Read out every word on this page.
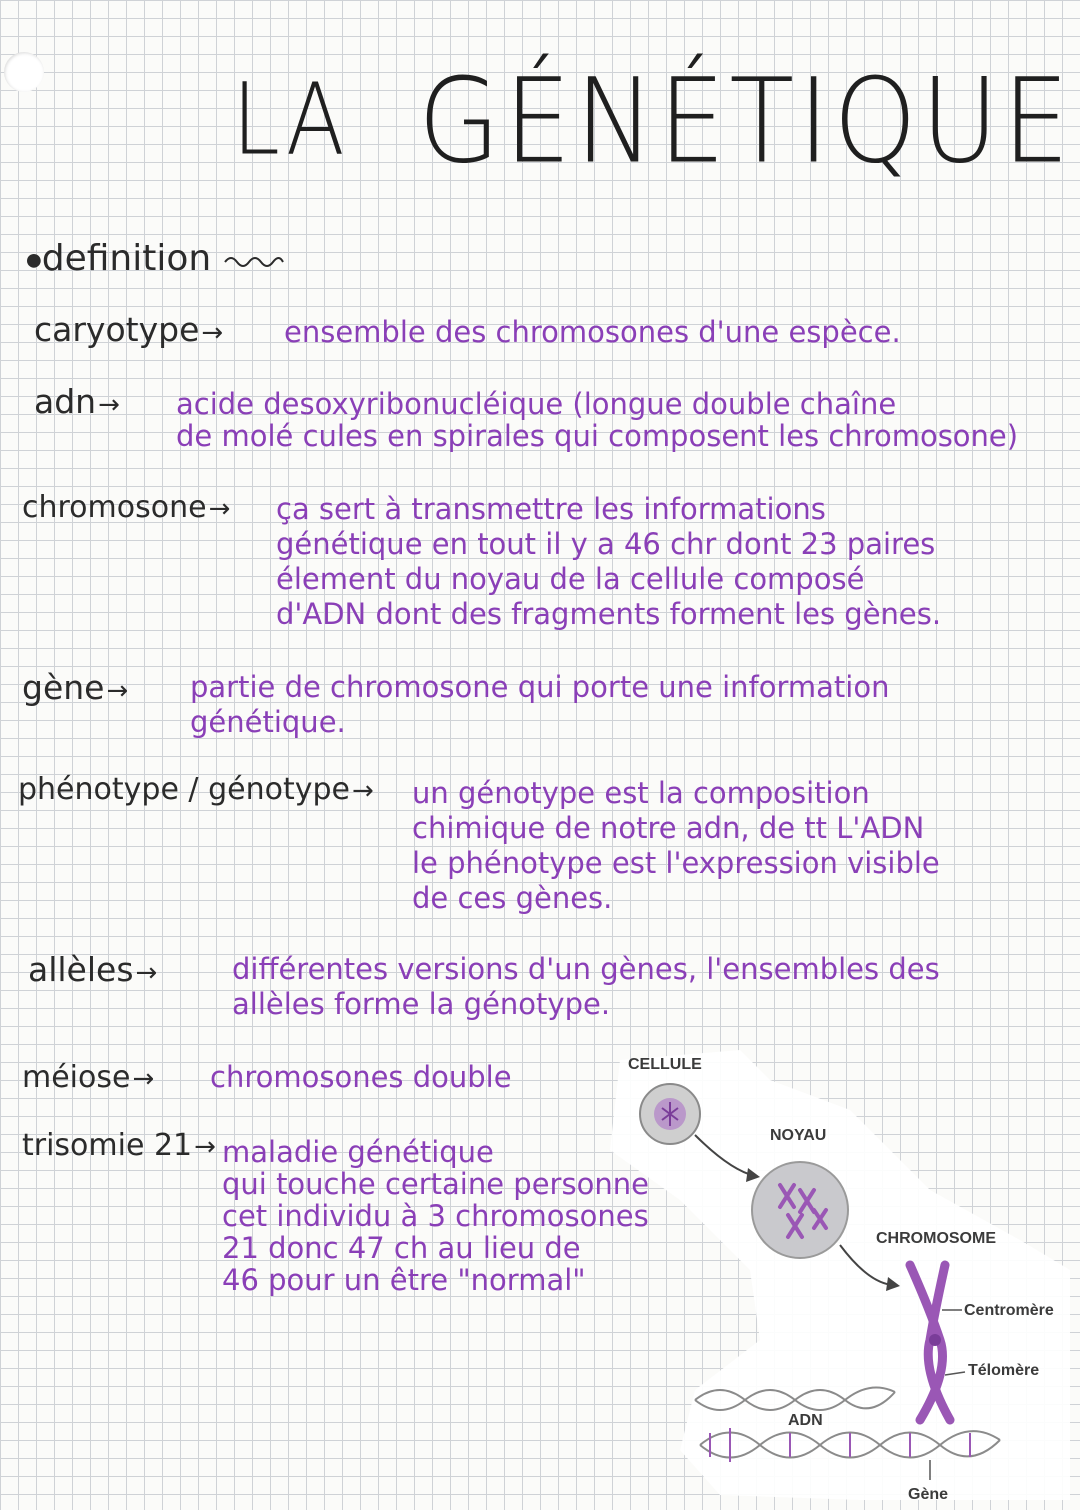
LA GÉNÉTIQUE
●definition
caryotype→ ensemble des chromosones d'une espèce.
adn→ acide desoxyribonucléique (longue double chaîne
de molé cules en spirales qui composent les chromosone)
chromosone→ ça sert à transmettre les informations
génétique en tout il y a 46 chr dont 23 paires
élement du noyau de la cellule composé
d'ADN dont des fragments forment les gènes.
gène→ partie de chromosone qui porte une information
génétique.
phénotype / génotype→ un génotype est la composition
chimique de notre adn, de tt L'ADN
le phénotype est l'expression visible
de ces gènes.
allèles→	différentes versions d'un gènes, l'ensembles des
allèles forme la génotype.
méiose→ chromosones double
trisomie 21→ maladie génétique
qui touche certaine personne
cet individu à 3 chromosones
21 donc 47 ch au lieu de
46 pour un être "normal"
CELLULE
NOYAU
CHROMOSOME
Centromère
Télomère
ADN
Gène
